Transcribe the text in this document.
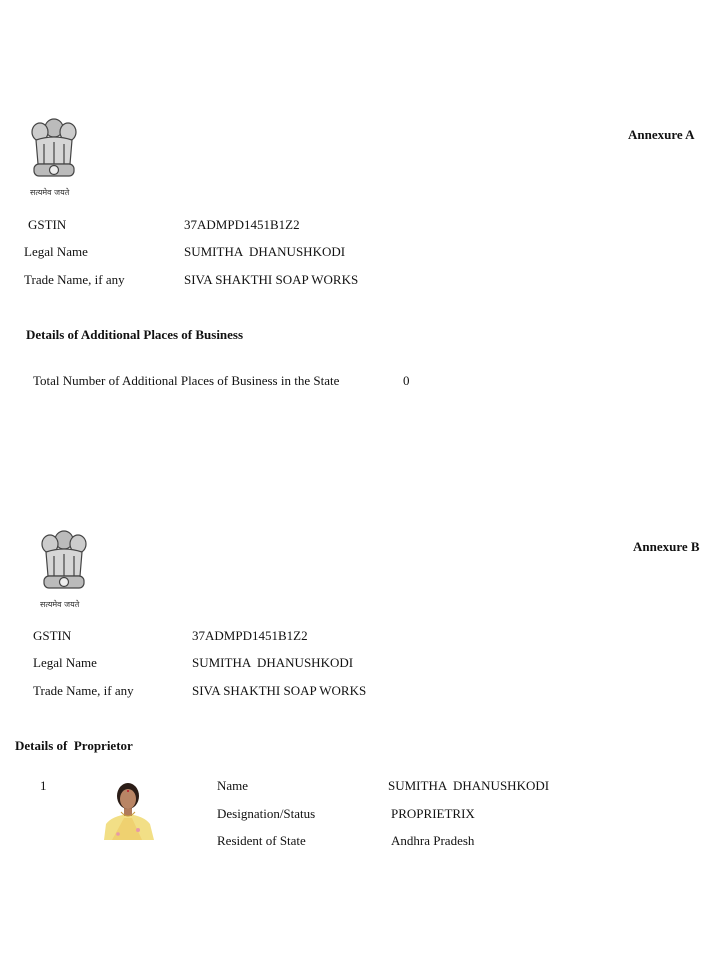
सत्यमेव जयते
Annexure A
GSTIN	37ADMPD1451B1Z2
Legal Name	SUMITHA  DHANUSHKODI
Trade Name, if any	SIVA SHAKTHI SOAP WORKS
Details of Additional Places of Business
Total Number of Additional Places of Business in the State	0
सत्यमेव जयते
Annexure B
GSTIN	37ADMPD1451B1Z2
Legal Name	SUMITHA  DHANUSHKODI
Trade Name, if any	SIVA SHAKTHI SOAP WORKS
Details of  Proprietor
1	Name	SUMITHA  DHANUSHKODI
Designation/Status	PROPRIETRIX
Resident of State	Andhra Pradesh
